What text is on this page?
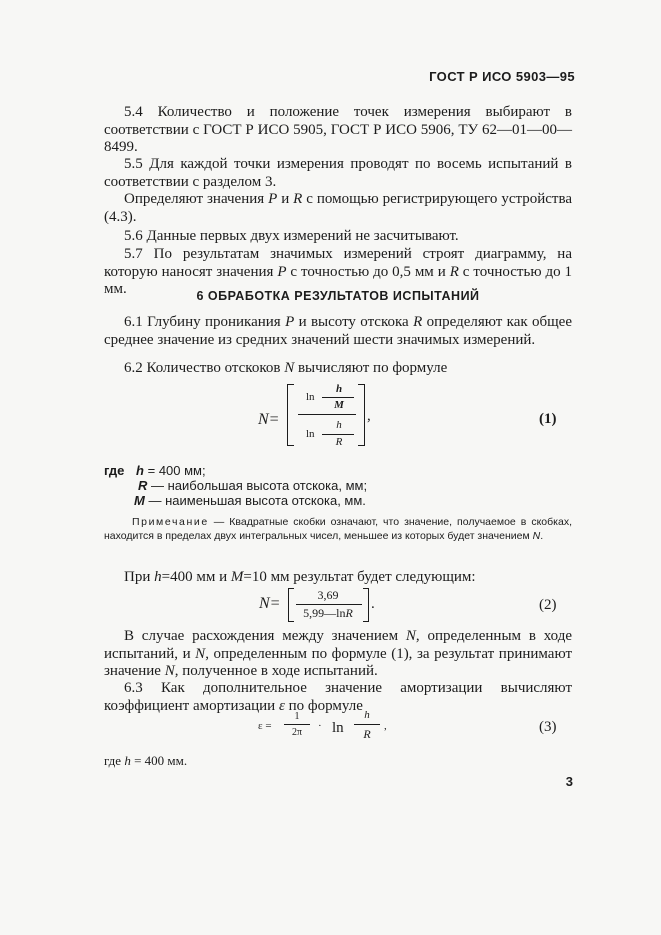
ГОСТ Р ИСО 5903—95
5.4 Количество и положение точек измерения выбирают в соответствии с ГОСТ Р ИСО 5905, ГОСТ Р ИСО 5906, ТУ 62—01—00—8499.
5.5 Для каждой точки измерения проводят по восемь испытаний в соответствии с разделом 3.
Определяют значения P и R с помощью регистрирующего устройства (4.3).
5.6 Данные первых двух измерений не засчитывают.
5.7 По результатам значимых измерений строят диаграмму, на которую наносят значения P с точностью до 0,5 мм и R с точностью до 1 мм.	6 ОБРАБОТКА РЕЗУЛЬТАТОВ ИСПЫТАНИЙ
6.1 Глубину проникания P и высоту отскока R определяют как общее среднее значение из средних значений шести значимых измерений.
6.2 Количество отскоков N вычисляют по формуле
N=
ln
h
M
ln
h
R
,	(1)
где h = 400 мм;
R — наибольшая высота отскока, мм;
M — наименьшая высота отскока, мм.
Примечание — Квадратные скобки означают, что значение, получаемое в скобках, находится в пределах двух интегральных чисел, меньшее из которых будет значением N.
При h=400 мм и M=10 мм результат будет следующим:
N=	3,69
5,99—lnR
.	(2)
В случае расхождения между значением N, определенным в ходе испытаний, и N, определенным по формуле (1), за результат принимают значение N, полученное в ходе испытаний.
6.3 Как дополнительное значение амортизации вычисляют коэффициент амортизации ε по формуле
ε =
1
2π
· ln
h
R
,	(3)
где h = 400 мм.
3
